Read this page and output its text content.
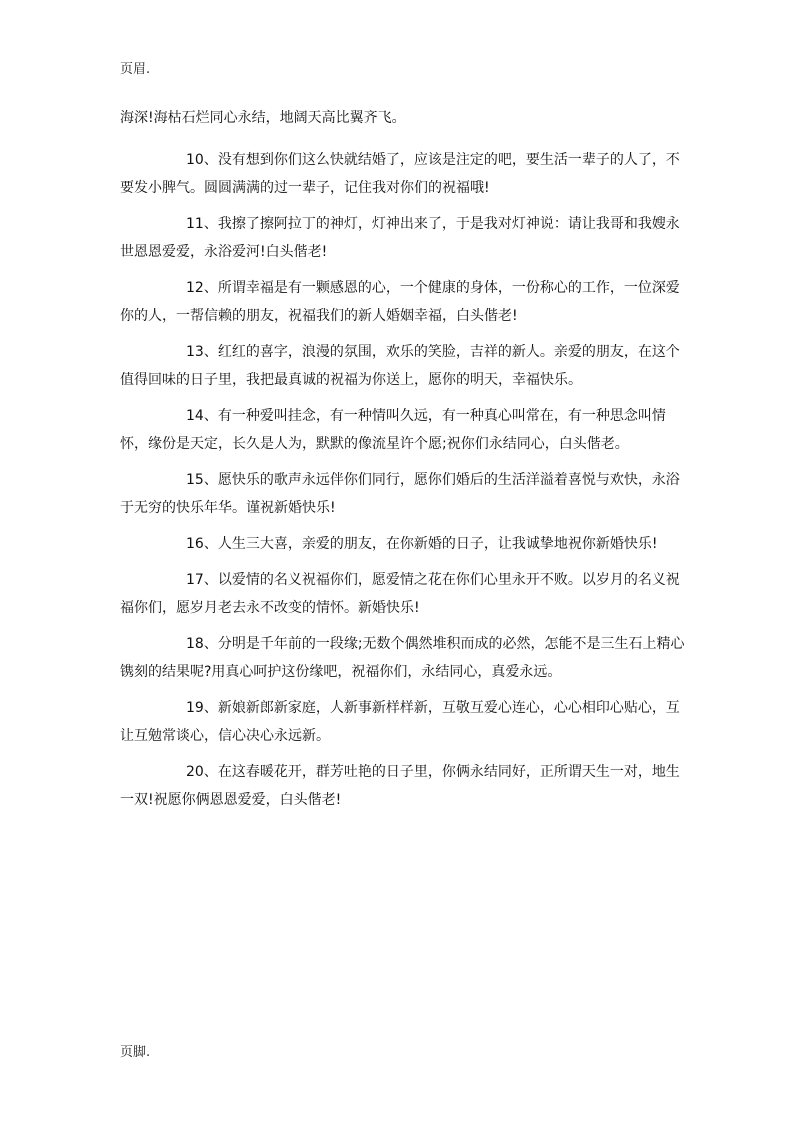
页眉.

海深!海枯石烂同心永结，地阔天高比翼齐飞。

10、没有想到你们这么快就结婚了，应该是注定的吧，要生活一辈子的人了，不要发小脾气。圆圆满满的过一辈子，记住我对你们的祝福哦!

11、我擦了擦阿拉丁的神灯，灯神出来了，于是我对灯神说：请让我哥和我嫂永世恩恩爱爱，永浴爱河!白头偕老!

12、所谓幸福是有一颗感恩的心，一个健康的身体，一份称心的工作，一位深爱你的人，一帮信赖的朋友，祝福我们的新人婚姻幸福，白头偕老!

13、红红的喜字，浪漫的氛围，欢乐的笑脸，吉祥的新人。亲爱的朋友，在这个值得回味的日子里，我把最真诚的祝福为你送上，愿你的明天，幸福快乐。

14、有一种爱叫挂念，有一种情叫久远，有一种真心叫常在，有一种思念叫情怀，缘份是天定，长久是人为，默默的像流星许个愿;祝你们永结同心，白头偕老。

15、愿快乐的歌声永远伴你们同行，愿你们婚后的生活洋溢着喜悦与欢快，永浴于无穷的快乐年华。谨祝新婚快乐!

16、人生三大喜，亲爱的朋友，在你新婚的日子，让我诚挚地祝你新婚快乐!

17、以爱情的名义祝福你们，愿爱情之花在你们心里永开不败。以岁月的名义祝福你们，愿岁月老去永不改变的情怀。新婚快乐!

18、分明是千年前的一段缘;无数个偶然堆积而成的必然，怎能不是三生石上精心镌刻的结果呢?用真心呵护这份缘吧，祝福你们，永结同心，真爱永远。

19、新娘新郎新家庭，人新事新样样新，互敬互爱心连心，心心相印心贴心，互让互勉常谈心，信心决心永远新。

20、在这春暖花开，群芳吐艳的日子里，你俩永结同好，正所谓天生一对，地生一双!祝愿你俩恩恩爱爱，白头偕老!

页脚.
